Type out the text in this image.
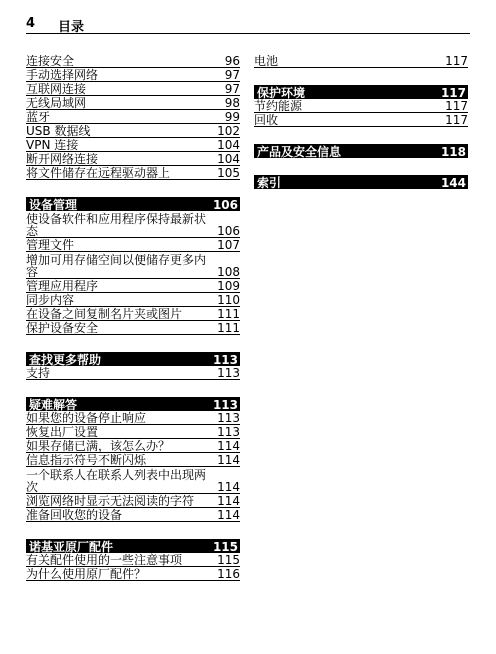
4 目录
连接安全	96
手动选择网络	97
互联网连接	97
无线局域网	98
蓝牙	99
USB 数据线	102
VPN 连接	104
断开网络连接	104
将文件储存在远程驱动器上	105
设备管理	106
使设备软件和应用程序保持最新状态	106
管理文件	107
增加可用存储空间以便储存更多内容	108
管理应用程序	109
同步内容	110
在设备之间复制名片夹或图片	111
保护设备安全	111
查找更多帮助	113
支持	113
疑难解答	113
如果您的设备停止响应	113
恢复出厂设置	113
如果存储已满，该怎么办？	114
信息指示符号不断闪烁	114
一个联系人在联系人列表中出现两次	114
浏览网络时显示无法阅读的字符	114
准备回收您的设备	114
诺基亚原厂配件	115
有关配件使用的一些注意事项	115
为什么使用原厂配件？	116
电池	117
保护环境	117
节约能源	117
回收	117
产品及安全信息	118
索引	144
